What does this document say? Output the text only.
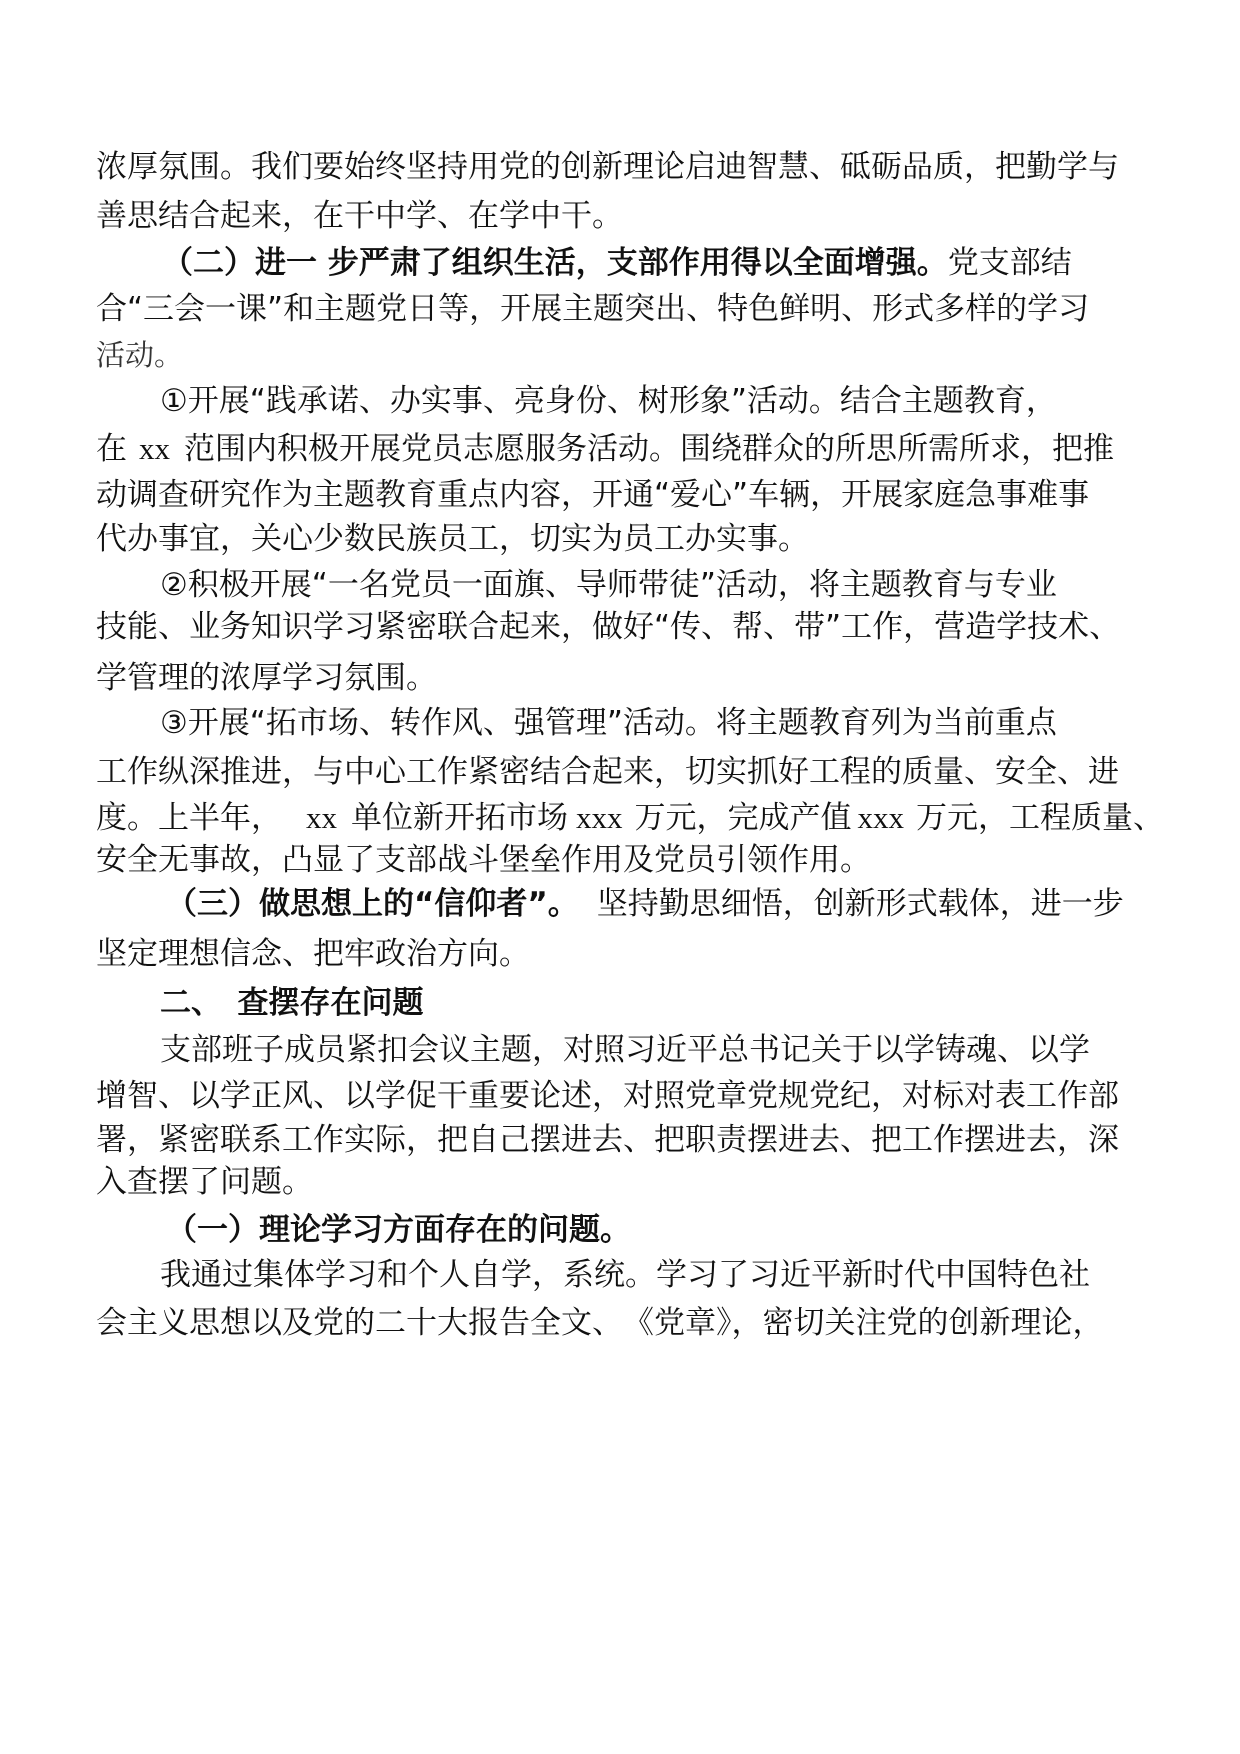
浓厚氛围。我们要始终坚持用党的创新理论启迪智慧、砥砺品质，把勤学与
善思结合起来，在干中学、在学中干。
（二）进一 步严肃了组织生活，支部作用得以全面增强。党支部结
合“三会一课”和主题党日等，开展主题突出、特色鲜明、形式多样的学习
活动。
①开展“践承诺、办实事、亮身份、树形象”活动。结合主题教育，
在 xx 范围内积极开展党员志愿服务活动。围绕群众的所思所需所求，把推
动调查研究作为主题教育重点内容，开通“爱心”车辆，开展家庭急事难事
代办事宜，关心少数民族员工，切实为员工办实事。
②积极开展“一名党员一面旗、导师带徒”活动，将主题教育与专业
技能、业务知识学习紧密联合起来，做好“传、帮、带”工作，营造学技术、
学管理的浓厚学习氛围。
③开展“拓市场、转作风、强管理”活动。将主题教育列为当前重点
工作纵深推进，与中心工作紧密结合起来，切实抓好工程的质量、安全、进
度。上半年， xx 单位新开拓市场 xxx 万元，完成产值 xxx 万元，工程质量、
安全无事故，凸显了支部战斗堡垒作用及党员引领作用。
（三）做思想上的“信仰者”。 坚持勤思细悟，创新形式载体，进一步
坚定理想信念、把牢政治方向。
二、　查摆存在问题
支部班子成员紧扣会议主题，对照习近平总书记关于以学铸魂、以学
增智、以学正风、以学促干重要论述，对照党章党规党纪，对标对表工作部
署，紧密联系工作实际，把自己摆进去、把职责摆进去、把工作摆进去，深
入查摆了问题。
（一）理论学习方面存在的问题。
我通过集体学习和个人自学，系统。学习了习近平新时代中国特色社
会主义思想以及党的二十大报告全文、　《党章》，密切关注党的创新理论，
